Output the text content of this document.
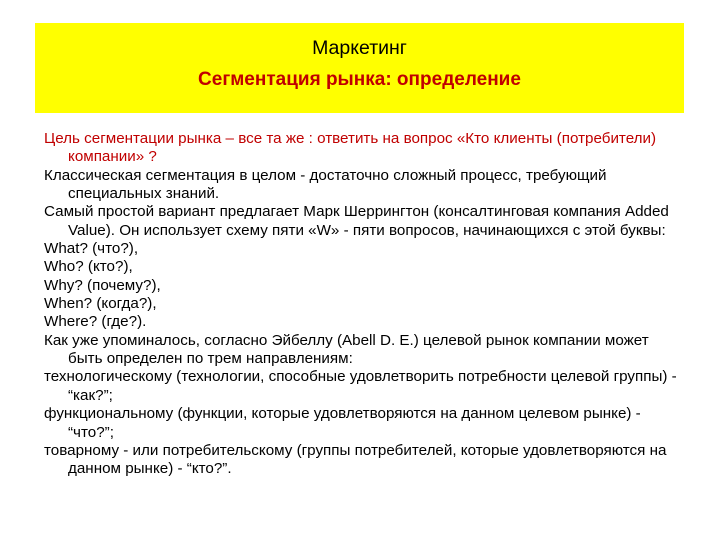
Маркетинг
Сегментация рынка: определение

Цель сегментации рынка – все та же : ответить на вопрос «Кто клиенты (потребители) компании» ?

Классическая сегментация в целом - достаточно сложный процесс, требующий специальных знаний.

Самый простой вариант предлагает Марк Шеррингтон (консалтинговая компания Added Value). Он использует схему пяти «W» - пяти вопросов, начинающихся с этой буквы:

What? (что?),

Who? (кто?),

Why? (почему?),

When? (когда?),

Where? (где?).

Как уже упоминалось, согласно Эйбеллу (Abell D. E.) целевой рынок компании может быть определен по трем направлениям:

технологическому (технологии, способные удовлетворить потребности целевой группы) - “как?”;

функциональному (функции, которые удовлетворяются на данном целевом рынке) - “что?”;

товарному - или потребительскому (группы потребителей, которые удовлетворяются на данном рынке) - “кто?”.
